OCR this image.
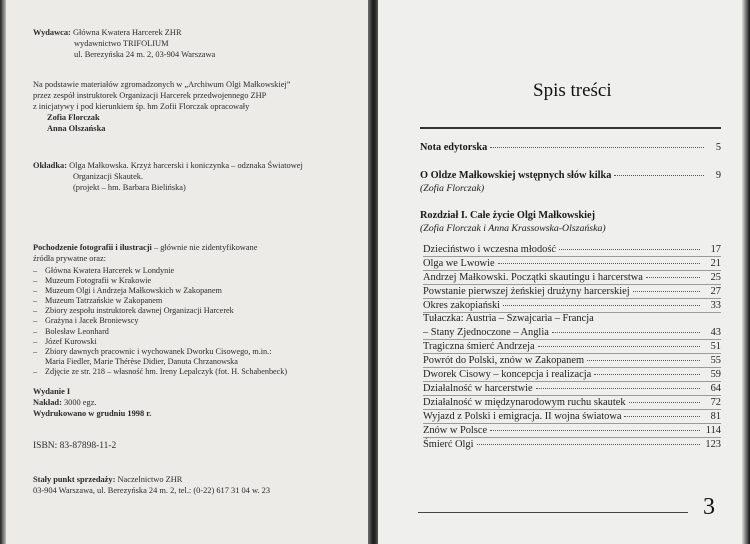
Wydawca: Główna Kwatera Harcerek ZHR
wydawnictwo TRIFOLIUM
ul. Berezyńska 24 m. 2, 03-904 Warszawa
Na podstawie materiałów zgromadzonych w „Archiwum Olgi Małkowskiej”
przez zespół instruktorek Organizacji Harcerek przedwojennego ZHP
z inicjatywy i pod kierunkiem śp. hm Zofii Florczak opracowały
Zofia Florczak
Anna Olszańska
Okładka: Olga Małkowska. Krzyż harcerski i koniczynka – odznaka Światowej
Organizacji Skautek.
(projekt – hm. Barbara Bielińska)
Pochodzenie fotografii i ilustracji – głównie nie zidentyfikowane
źródła prywatne oraz:
– Główna Kwatera Harcerek w Londynie
– Muzeum Fotografii w Krakowie
– Muzeum Olgi i Andrzeja Małkowskich w Zakopanem
– Muzeum Tatrzańskie w Zakopanem
– Zbiory zespołu instruktorek dawnej Organizacji Harcerek
– Grażyna i Jacek Broniewscy
– Bolesław Leonhard
– Józef Kurowski
– Zbiory dawnych pracownic i wychowanek Dworku Cisowego, m.in.:
Maria Fiedler, Marie Thérèse Didier, Danuta Chrzanowska
– Zdjęcie ze str. 218 – własność hm. Ireny Lepalczyk (fot. H. Schabenbeck)
Wydanie I
Nakład: 3000 egz.
Wydrukowano w grudniu 1998 r.
ISBN: 83-87898-11-2
Stały punkt sprzedaży: Naczelnictwo ZHR
03-904 Warszawa, ul. Berezyńska 24 m. 2, tel.: (0-22) 617 31 04 w. 23
Spis treści
Nota edytorska	5
O Oldze Małkowskiej wstępnych słów kilka	9
(Zofia Florczak)
Rozdział I. Całe życie Olgi Małkowskiej
(Zofia Florczak i Anna Krassowska-Olszańska)
Dzieciństwo i wczesna młodość	17
Olga we Lwowie	21
Andrzej Małkowski. Początki skautingu i harcerstwa	25
Powstanie pierwszej żeńskiej drużyny harcerskiej	27
Okres zakopiański	33
Tułaczka: Austria – Szwajcaria – Francja
– Stany Zjednoczone – Anglia	43
Tragiczna śmierć Andrzeja	51
Powrót do Polski, znów w Zakopanem	55
Dworek Cisowy – koncepcja i realizacja	59
Działalność w harcerstwie	64
Działalność w międzynarodowym ruchu skautek	72
Wyjazd z Polski i emigracja. II wojna światowa	81
Znów w Polsce	114
Śmierć Olgi	123
3
